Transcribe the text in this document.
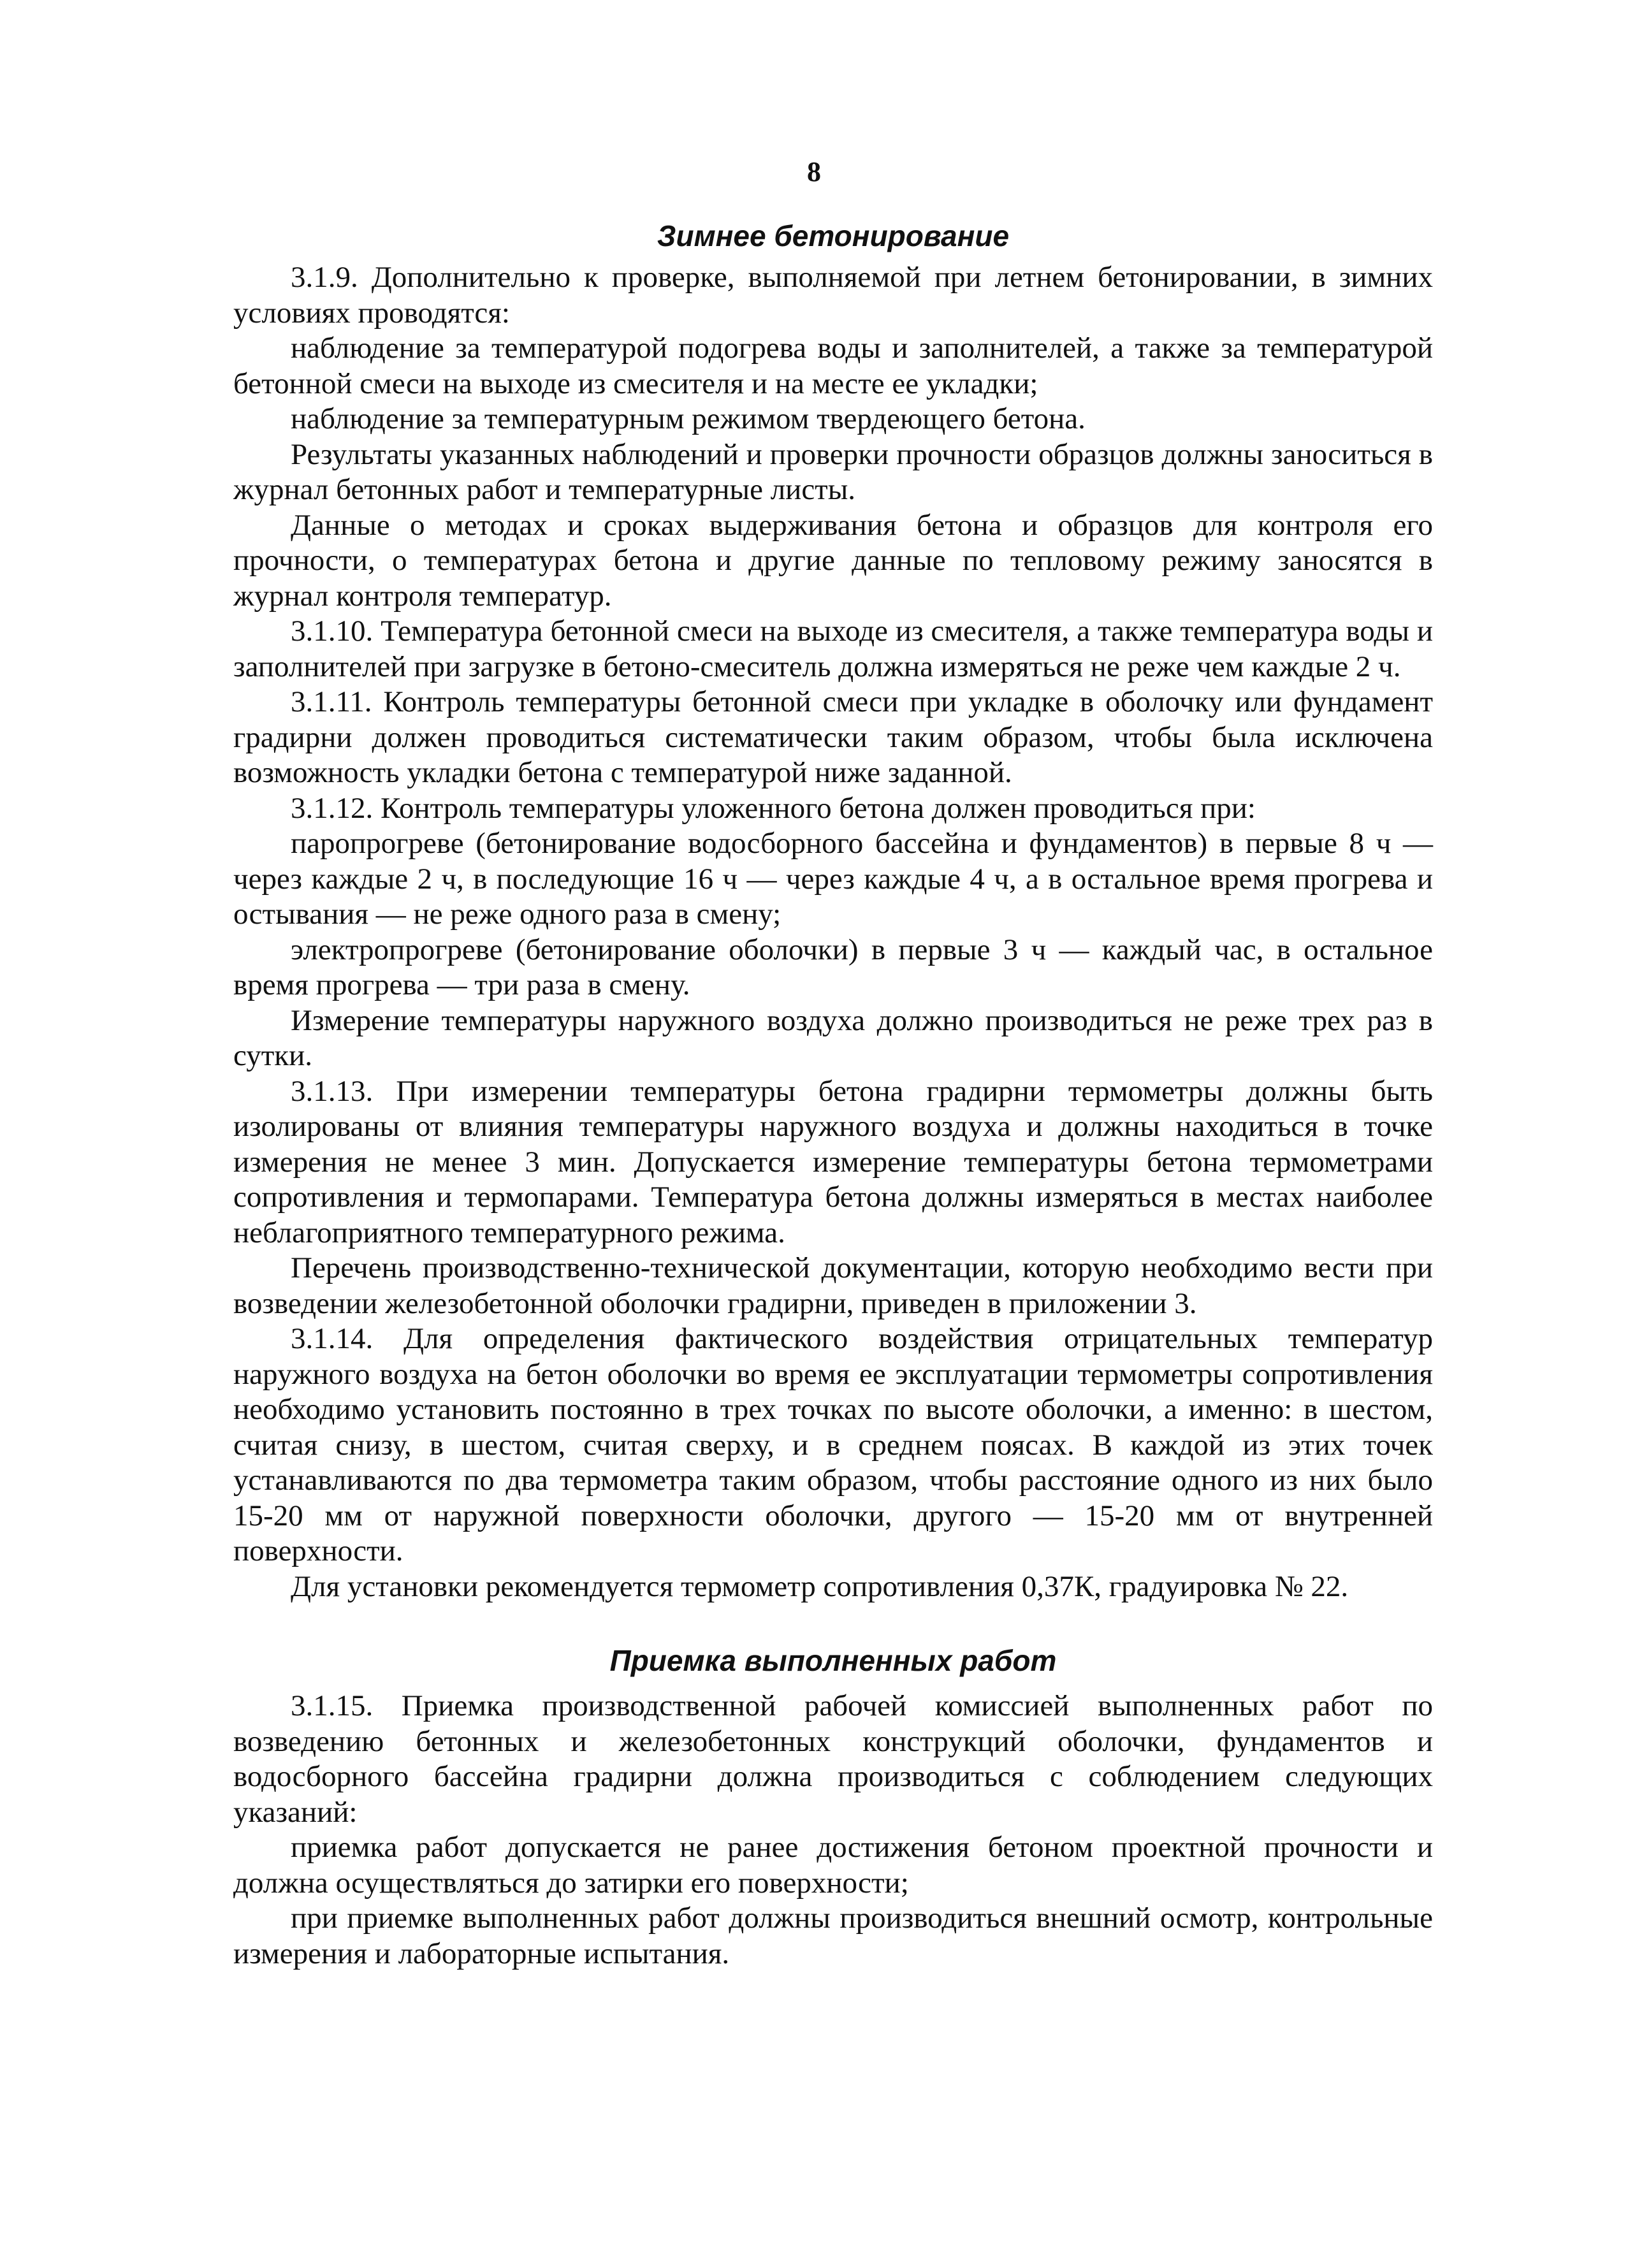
8
Зимнее бетонирование

3.1.9. Дополнительно к проверке, выполняемой при летнем бетонировании, в зимних условиях проводятся:

наблюдение за температурой подогрева воды и заполнителей, а также за температурой бетонной смеси на выходе из смесителя и на месте ее укладки;

наблюдение за температурным режимом твердеющего бетона.

Результаты указанных наблюдений и проверки прочности образцов должны заноситься в журнал бетонных работ и температурные листы.

Данные о методах и сроках выдерживания бетона и образцов для контроля его прочности, о температурах бетона и другие данные по тепловому режиму заносятся в журнал контроля температур.

3.1.10. Температура бетонной смеси на выходе из смесителя, а также температура воды и заполнителей при загрузке в бетоно-смеситель должна измеряться не реже чем каждые 2 ч.

3.1.11. Контроль температуры бетонной смеси при укладке в оболочку или фундамент градирни должен проводиться систематически таким образом, чтобы была исключена возможность укладки бетона с температурой ниже заданной.

3.1.12. Контроль температуры уложенного бетона должен проводиться при:

паропрогреве (бетонирование водосборного бассейна и фундаментов) в первые 8 ч — через каждые 2 ч, в последующие 16 ч — через каждые 4 ч, а в остальное время прогрева и остывания — не реже одного раза в смену;

электропрогреве (бетонирование оболочки) в первые 3 ч — каждый час, в остальное время прогрева — три раза в смену.

Измерение температуры наружного воздуха должно производиться не реже трех раз в сутки.

3.1.13. При измерении температуры бетона градирни термометры должны быть изолированы от влияния температуры наружного воздуха и должны находиться в точке измерения не менее 3 мин. Допускается измерение температуры бетона термометрами сопротивления и термопарами. Температура бетона должны измеряться в местах наиболее неблагоприятного температурного режима.

Перечень производственно-технической документации, которую необходимо вести при возведении железобетонной оболочки градирни, приведен в приложении 3.

3.1.14. Для определения фактического воздействия отрицательных температур наружного воздуха на бетон оболочки во время ее эксплуатации термометры сопротивления необходимо установить постоянно в трех точках по высоте оболочки, а именно: в шестом, считая снизу, в шестом, считая сверху, и в среднем поясах. В каждой из этих точек устанавливаются по два термометра таким образом, чтобы расстояние одного из них было 15-20 мм от наружной поверхности оболочки, другого — 15-20 мм от внутренней поверхности.

Для установки рекомендуется термометр сопротивления 0,37К, градуировка № 22.

Приемка выполненных работ

3.1.15. Приемка производственной рабочей комиссией выполненных работ по возведению бетонных и железобетонных конструкций оболочки, фундаментов и водосборного бассейна градирни должна производиться с соблюдением следующих указаний:

приемка работ допускается не ранее достижения бетоном проектной прочности и должна осуществляться до затирки его поверхности;

при приемке выполненных работ должны производиться внешний осмотр, контрольные измерения и лабораторные испытания.
